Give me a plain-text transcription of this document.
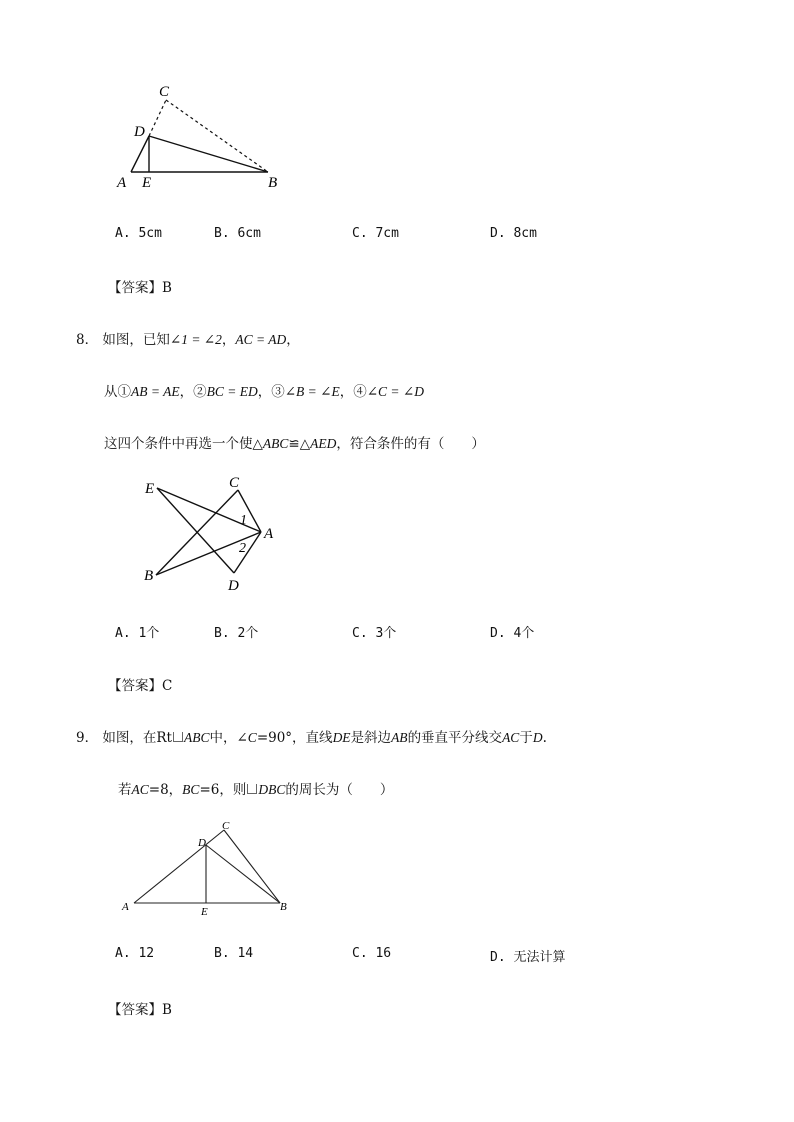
C
D
A E	B
A. 5cm	B. 6cm	C. 7cm	D. 8cm
【答案】B
8． 如图，已知∠1 = ∠2，AC = AD，
从①AB = AE，②BC = ED，③∠B = ∠E，④∠C = ∠D
这四个条件中再选一个使△ABC≌△AED，符合条件的有（　　）
E	C
1
2
A
B
D
A. 1个	B. 2个	C. 3个	D. 4个
【答案】C
9． 如图，在Rt ABC中，∠C=90°，直线DE是斜边AB的垂直平分线交AC于D.
若AC=8，BC=6，则 DBC的周长为（　　）
C
D
A	E	B
A. 12	B. 14	C. 16	D. 无法计算
【答案】B
